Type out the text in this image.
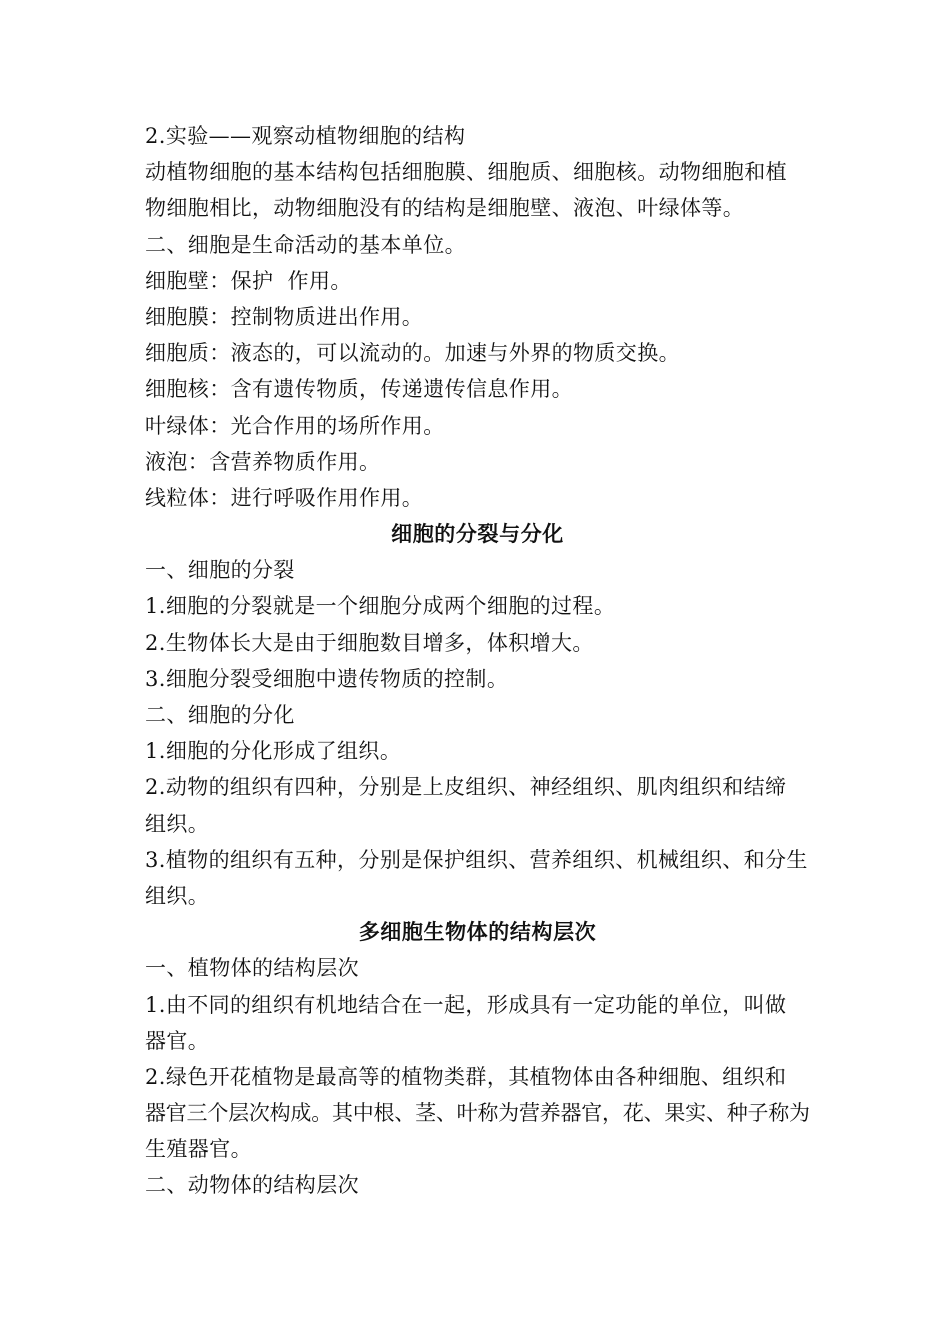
2.实验——观察动植物细胞的结构
动植物细胞的基本结构包括细胞膜、细胞质、细胞核。动物细胞和植
物细胞相比，动物细胞没有的结构是细胞壁、液泡、叶绿体等。
二、细胞是生命活动的基本单位。
细胞壁：保护  作用。
细胞膜：控制物质进出作用。
细胞质：液态的，可以流动的。加速与外界的物质交换。
细胞核：含有遗传物质，传递遗传信息作用。
叶绿体：光合作用的场所作用。
液泡：含营养物质作用。
线粒体：进行呼吸作用作用。
细胞的分裂与分化
一、细胞的分裂
1.细胞的分裂就是一个细胞分成两个细胞的过程。
2.生物体长大是由于细胞数目增多，体积增大。
3.细胞分裂受细胞中遗传物质的控制。
二、细胞的分化
1.细胞的分化形成了组织。
2.动物的组织有四种，分别是上皮组织、神经组织、肌肉组织和结缔
组织。
3.植物的组织有五种，分别是保护组织、营养组织、机械组织、和分生
组织。
多细胞生物体的结构层次
一、植物体的结构层次
1.由不同的组织有机地结合在一起，形成具有一定功能的单位，叫做
器官。
2.绿色开花植物是最高等的植物类群，其植物体由各种细胞、组织和
器官三个层次构成。其中根、茎、叶称为营养器官，花、果实、种子称为
生殖器官。
二、动物体的结构层次
